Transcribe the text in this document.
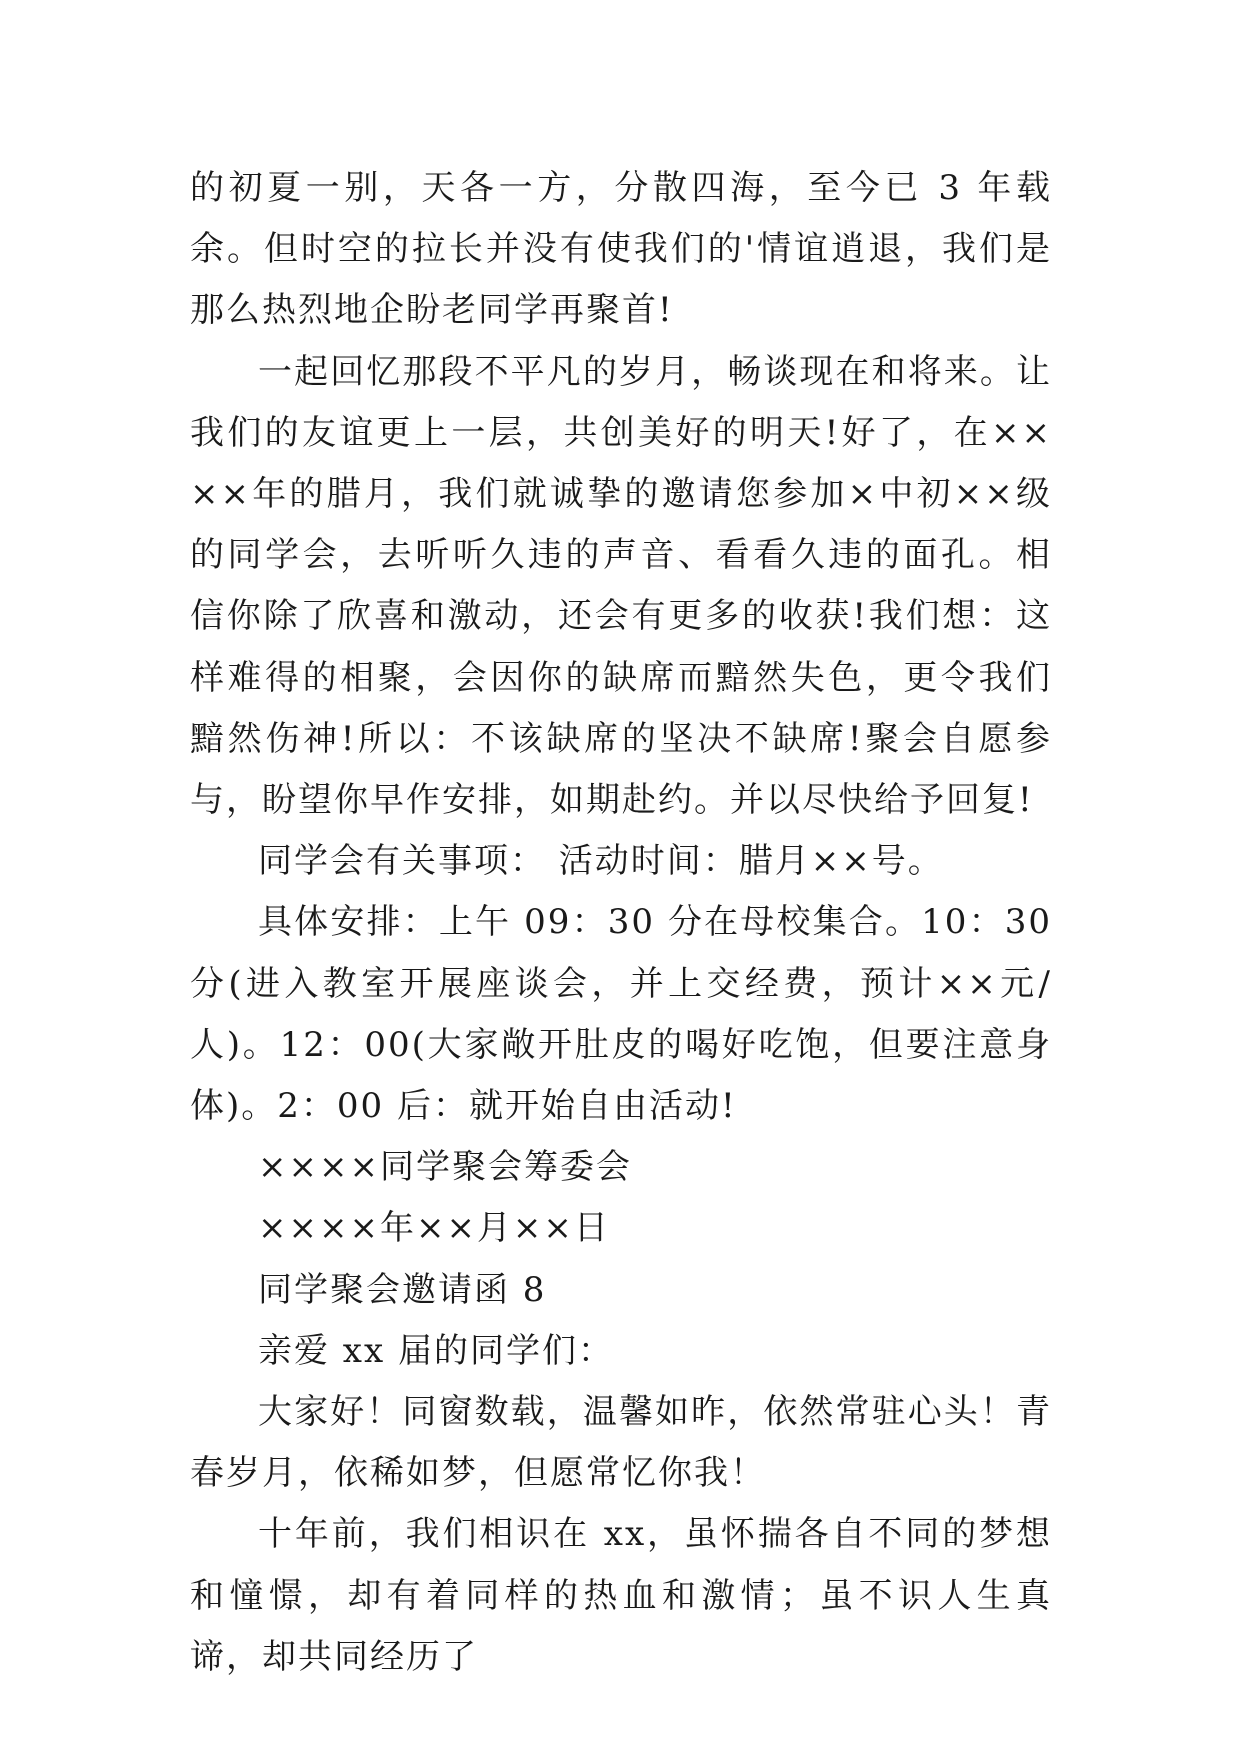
的初夏一别，天各一方，分散四海，至今已 3 年载余。但时空的拉长并没有使我们的'情谊逍退，我们是那么热烈地企盼老同学再聚首!

一起回忆那段不平凡的岁月，畅谈现在和将来。让我们的友谊更上一层，共创美好的明天!好了，在××××年的腊月，我们就诚挚的邀请您参加×中初××级的同学会，去听听久违的声音、看看久违的面孔。相信你除了欣喜和激动，还会有更多的收获!我们想：这样难得的相聚，会因你的缺席而黯然失色，更令我们黯然伤神!所以：不该缺席的坚决不缺席!聚会自愿参与，盼望你早作安排，如期赴约。并以尽快给予回复!

同学会有关事项： 活动时间：腊月××号。

具体安排：上午 09：30 分在母校集合。10：30 分(进入教室开展座谈会，并上交经费，预计××元/人)。12：00(大家敞开肚皮的喝好吃饱，但要注意身体)。2：00 后：就开始自由活动!

××××同学聚会筹委会

××××年××月××日

同学聚会邀请函 8

亲爱 xx 届的同学们：

大家好！同窗数载，温馨如昨，依然常驻心头！青春岁月，依稀如梦，但愿常忆你我！

十年前，我们相识在 xx，虽怀揣各自不同的梦想和憧憬，却有着同样的热血和激情；虽不识人生真谛，却共同经历了
